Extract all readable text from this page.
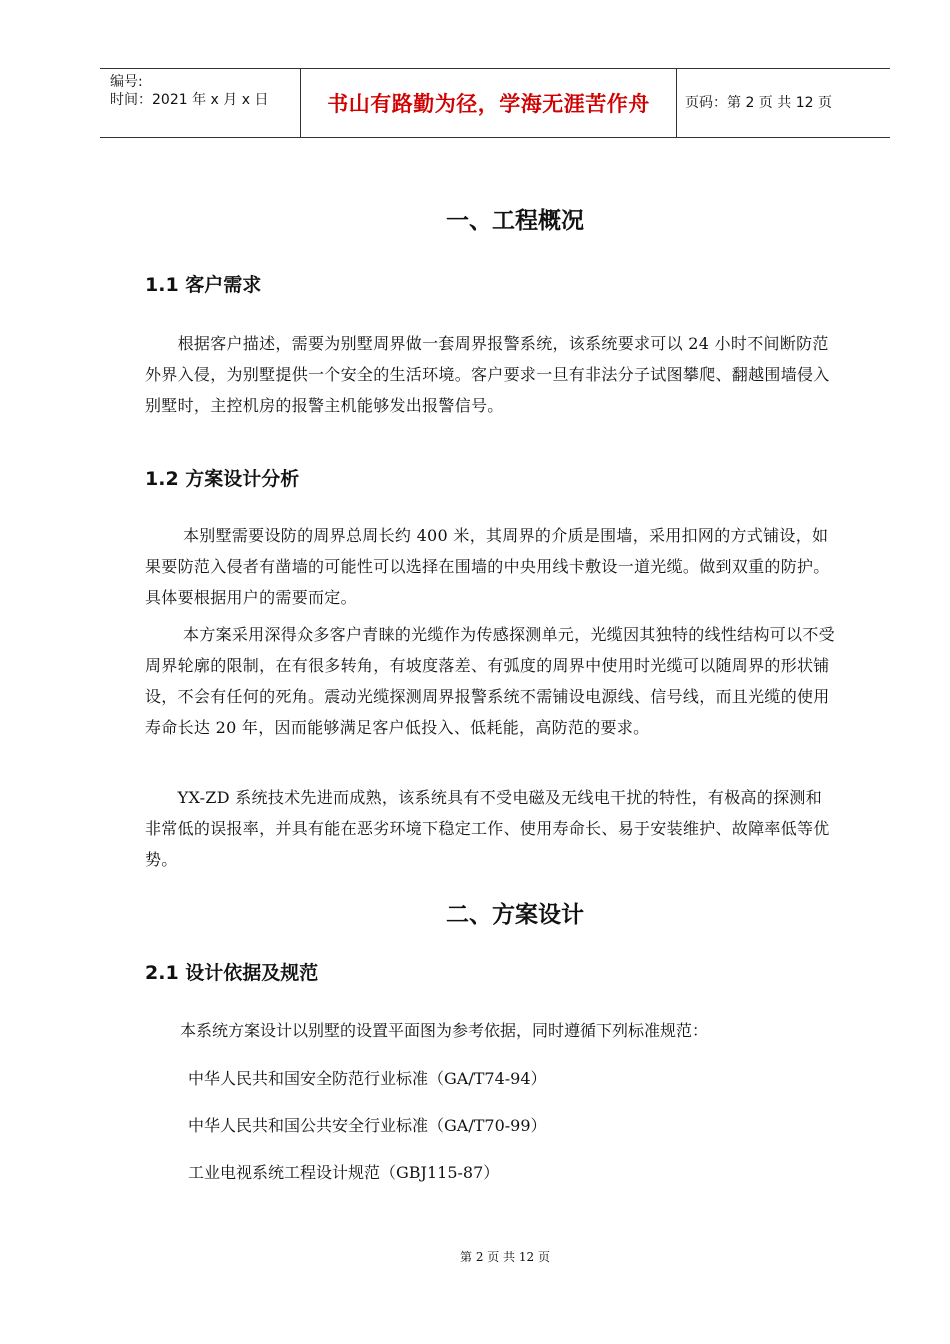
编号:
时间：2021 年 x 月 x 日	书山有路勤为径，学海无涯苦作舟	页码：第 2 页 共 12 页
一、工程概况
1.1 客户需求
　　根据客户描述，需要为别墅周界做一套周界报警系统，该系统要求可以 24 小时不间断防范外界入侵，为别墅提供一个安全的生活环境。客户要求一旦有非法分子试图攀爬、翻越围墙侵入别墅时，主控机房的报警主机能够发出报警信号。
1.2 方案设计分析
　　 本别墅需要设防的周界总周长约 400 米，其周界的介质是围墙，采用扣网的方式铺设，如果要防范入侵者有凿墙的可能性可以选择在围墙的中央用线卡敷设一道光缆。做到双重的防护。具体要根据用户的需要而定。
　　 本方案采用深得众多客户青睐的光缆作为传感探测单元，光缆因其独特的线性结构可以不受周界轮廓的限制，在有很多转角，有坡度落差、有弧度的周界中使用时光缆可以随周界的形状铺设，不会有任何的死角。震动光缆探测周界报警系统不需铺设电源线、信号线，而且光缆的使用寿命长达 20 年，因而能够满足客户低投入、低耗能，高防范的要求。
　　YX-ZD 系统技术先进而成熟，该系统具有不受电磁及无线电干扰的特性，有极高的探测和非常低的误报率，并具有能在恶劣环境下稳定工作、使用寿命长、易于安装维护、故障率低等优势。
二、方案设计
2.1 设计依据及规范
本系统方案设计以别墅的设置平面图为参考依据，同时遵循下列标准规范：
中华人民共和国安全防范行业标准（GA/T74-94）
中华人民共和国公共安全行业标准（GA/T70-99）
工业电视系统工程设计规范（GBJ115-87）
第 2 页 共 12 页
